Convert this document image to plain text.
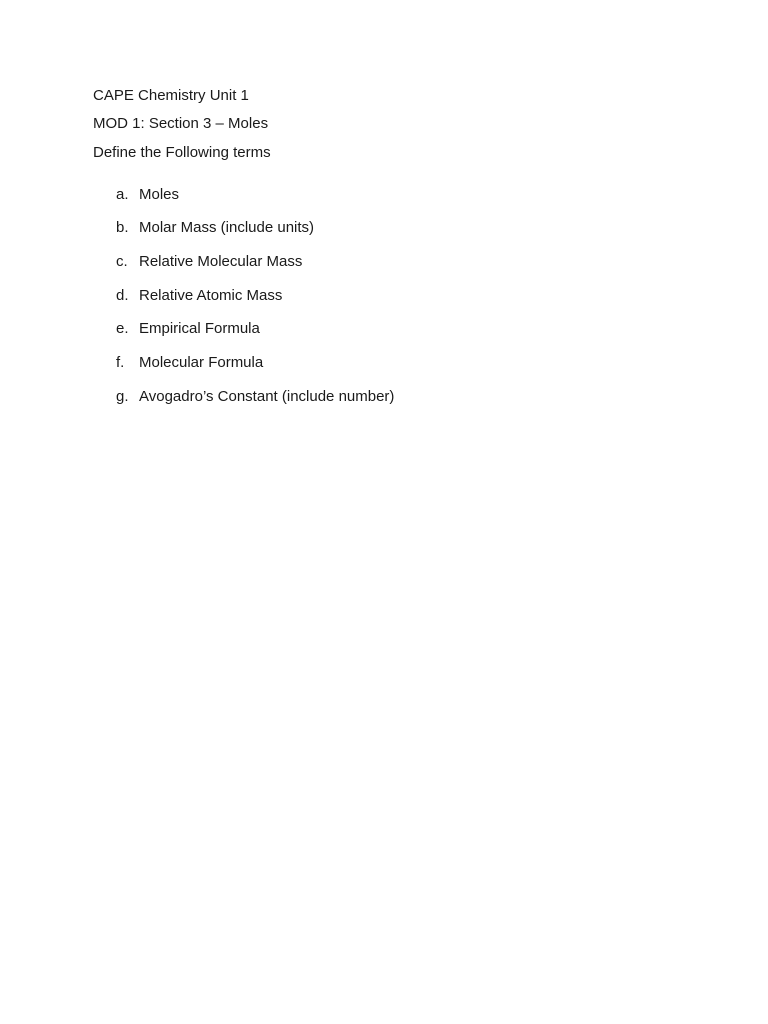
CAPE Chemistry Unit 1
MOD 1: Section 3 – Moles
Define the Following terms
a. Moles
b. Molar Mass (include units)
c. Relative Molecular Mass
d. Relative Atomic Mass
e. Empirical Formula
f. Molecular Formula
g. Avogadro’s Constant (include number)
